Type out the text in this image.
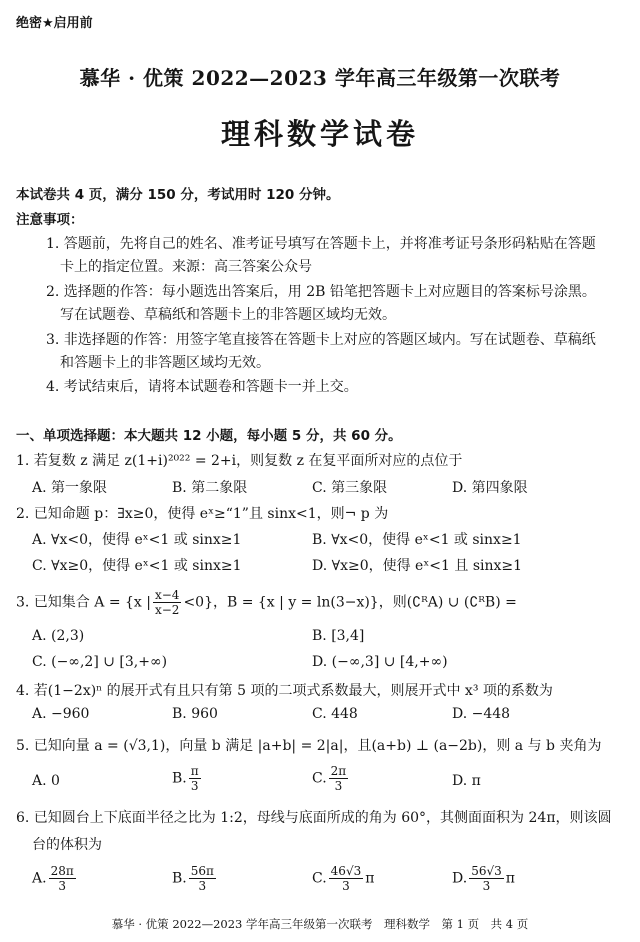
绝密★启用前
慕华 · 优策 2022—2023 学年高三年级第一次联考
理科数学试卷
本试卷共 4 页，满分 150 分，考试用时 120 分钟。
注意事项：
1. 答题前，先将自己的姓名、准考证号填写在答题卡上，并将准考证号条形码粘贴在答题
卡上的指定位置。来源：高三答案公众号
2. 选择题的作答：每小题选出答案后，用 2B 铅笔把答题卡上对应题目的答案标号涂黑。
写在试题卷、草稿纸和答题卡上的非答题区域均无效。
3. 非选择题的作答：用签字笔直接答在答题卡上对应的答题区域内。写在试题卷、草稿纸
和答题卡上的非答题区域均无效。
4. 考试结束后，请将本试题卷和答题卡一并上交。
一、单项选择题：本大题共 12 小题，每小题 5 分，共 60 分。
1. 若复数 z 满足 z(1+i)²⁰²² = 2+i，则复数 z 在复平面所对应的点位于
A. 第一象限	B. 第二象限	C. 第三象限	D. 第四象限
2. 已知命题 p：∃x≥0，使得 eˣ≥“1”且 sinx<1，则¬ p 为
A. ∀x<0，使得 eˣ<1 或 sinx≥1	B. ∀x<0，使得 eˣ<1 或 sinx≥1
C. ∀x≥0，使得 eˣ<1 或 sinx≥1	D. ∀x≥0，使得 eˣ<1 且 sinx≥1
3. 已知集合 A = {x | $\frac{x-4}{x-2} <0$}，B = {x | y = ln(3−x)}，则(∁ᴿA) ∪ (∁ᴿB) =
A. (2,3)	B. [3,4]
C. (−∞,2] ∪ [3,+∞)	D. (−∞,3] ∪ [4,+∞)
4. 若(1−2x)ⁿ 的展开式有且只有第 5 项的二项式系数最大，则展开式中 x³ 项的系数为
A. −960	B. 960	C. 448	D. −448
5. 已知向量 a = (√3,1)，向量 b 满足 |a+b| = 2|a|，且(a+b) ⊥ (a−2b)，则 a 与 b 夹角为
A. 0	B. $\frac{\pi}{3}$	C. $\frac{2\pi}{3}$	D. π
6. 已知圆台上下底面半径之比为 1:2，母线与底面所成的角为 60°，其侧面面积为 24π，则该圆
台的体积为
A. $\frac{28\pi}{3}$	B. $\frac{56\pi}{3}$	C. $\frac{46√3}{3}$ π	D. $\frac{56√3}{3}$ π
慕华 · 优策 2022—2023 学年高三年级第一次联考　理科数学　第 1 页　共 4 页
